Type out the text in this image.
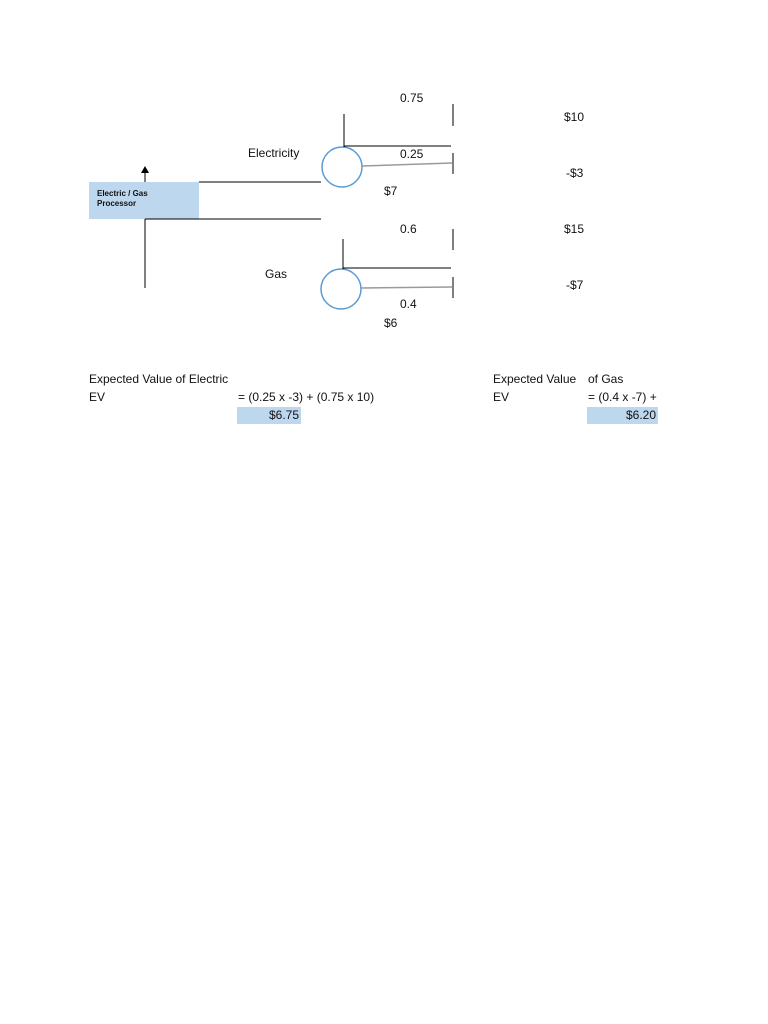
Electric / Gas
Processor
Electricity
0.75
0.25
$10
-$3
$7
Gas
0.6
0.4
$15
-$7
$6
Expected Value of Electric
EV	= (0.25 x -3) + (0.75 x 10)
$6.75
Expected Value of Gas
EV	= (0.4 x -7) +
$6.20
